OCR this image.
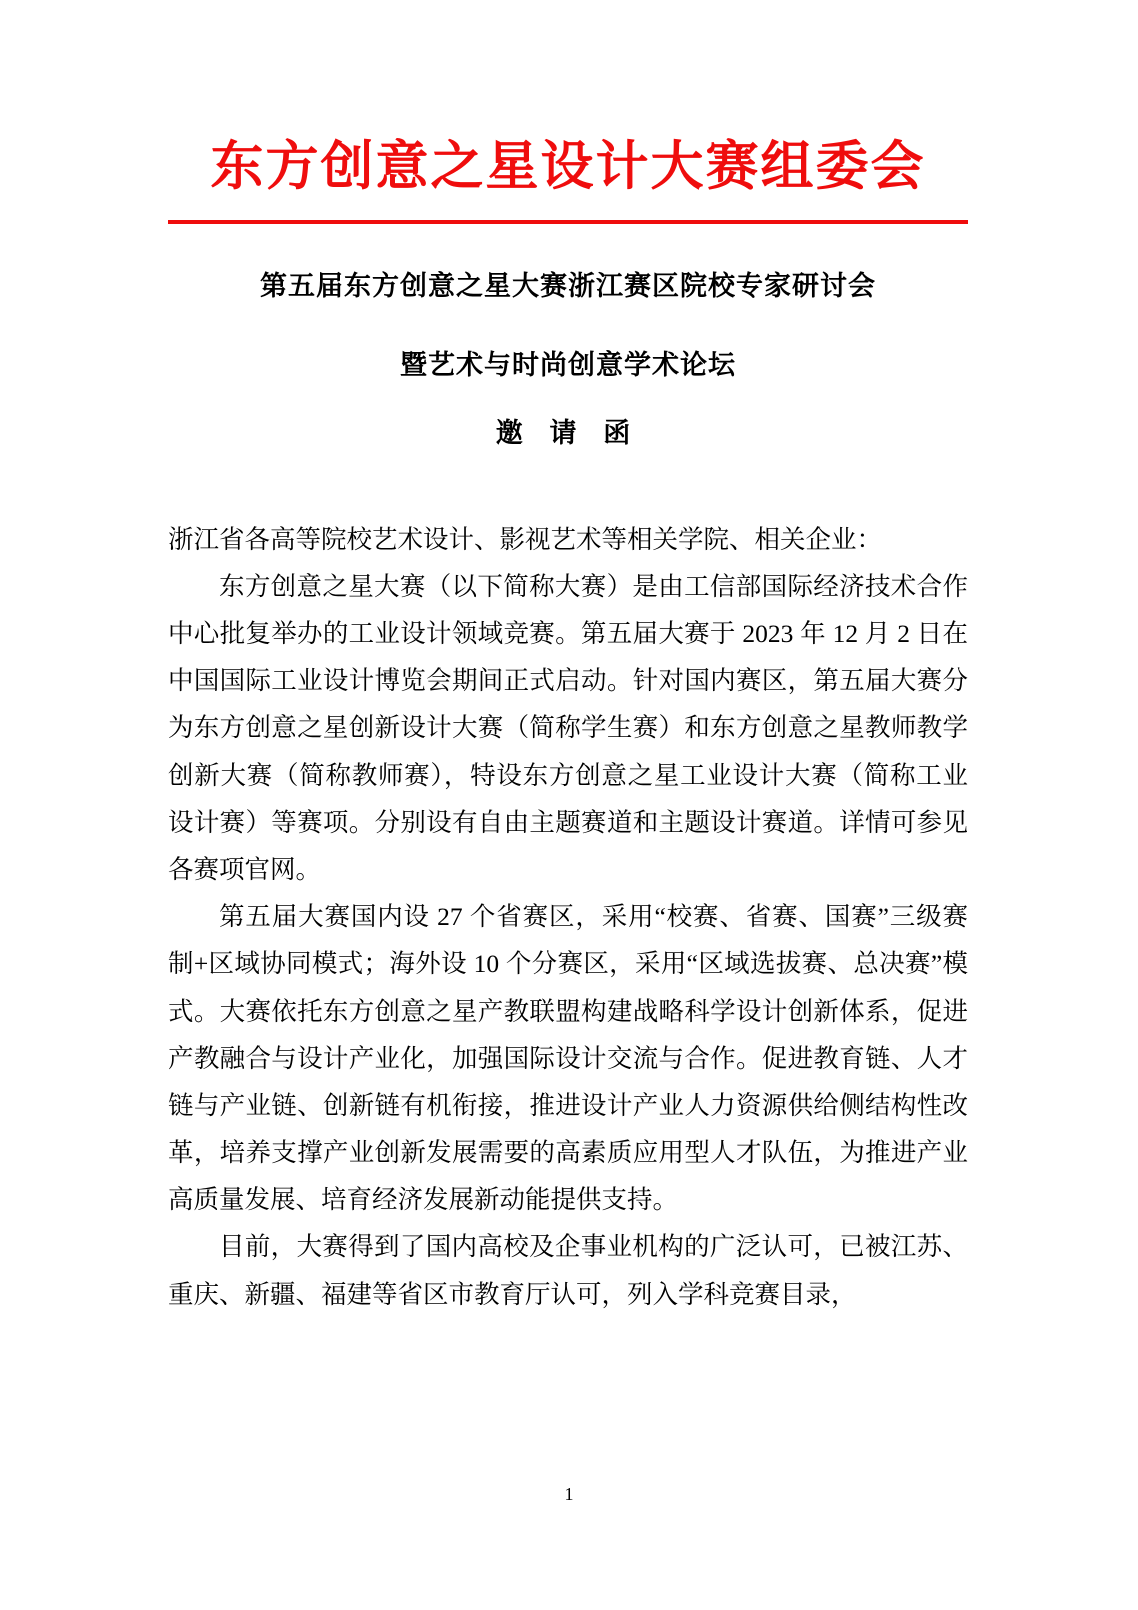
东方创意之星设计大赛组委会
第五届东方创意之星大赛浙江赛区院校专家研讨会
暨艺术与时尚创意学术论坛
邀 请 函

浙江省各高等院校艺术设计、影视艺术等相关学院、相关企业：

东方创意之星大赛（以下简称大赛）是由工信部国际经济技术合作中心批复举办的工业设计领域竞赛。第五届大赛于 2023 年 12 月 2 日在中国国际工业设计博览会期间正式启动。针对国内赛区，第五届大赛分为东方创意之星创新设计大赛（简称学生赛）和东方创意之星教师教学创新大赛（简称教师赛），特设东方创意之星工业设计大赛（简称工业设计赛）等赛项。分别设有自由主题赛道和主题设计赛道。详情可参见各赛项官网。

第五届大赛国内设 27 个省赛区，采用“校赛、省赛、国赛”三级赛制+区域协同模式；海外设 10 个分赛区，采用“区域选拔赛、总决赛”模式。大赛依托东方创意之星产教联盟构建战略科学设计创新体系，促进产教融合与设计产业化，加强国际设计交流与合作。促进教育链、人才链与产业链、创新链有机衔接，推进设计产业人力资源供给侧结构性改革，培养支撑产业创新发展需要的高素质应用型人才队伍，为推进产业高质量发展、培育经济发展新动能提供支持。

目前，大赛得到了国内高校及企事业机构的广泛认可，已被江苏、重庆、新疆、福建等省区市教育厅认可，列入学科竞赛目录，

1
